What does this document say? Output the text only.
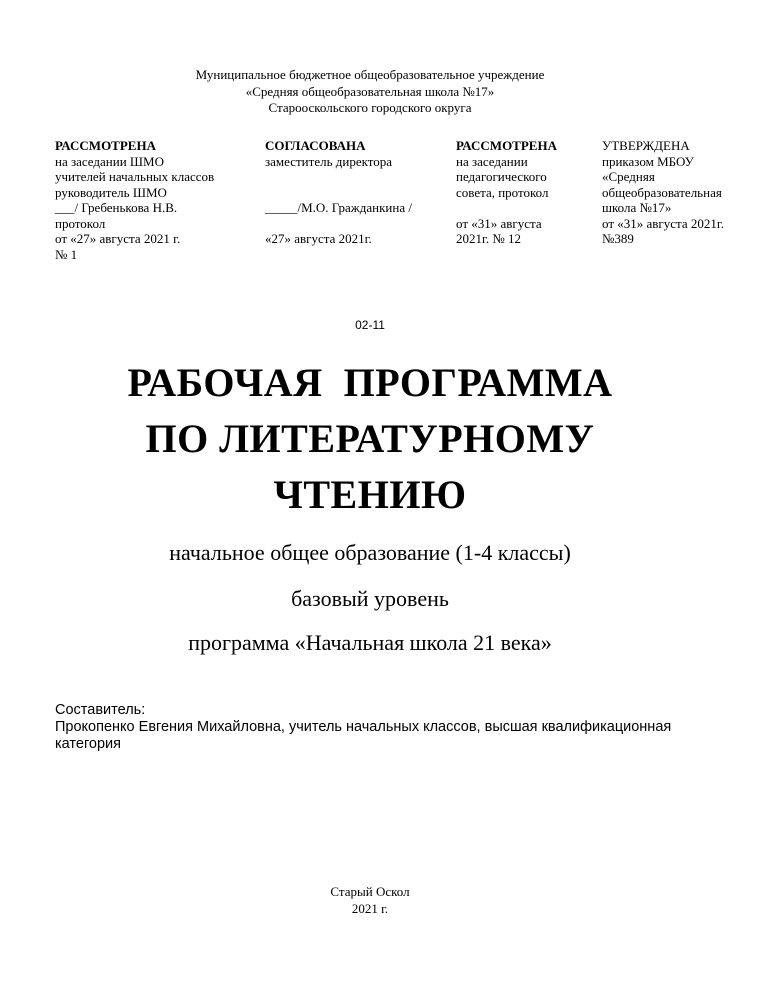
Муниципальное бюджетное общеобразовательное учреждение
«Средняя общеобразовательная школа №17»
Старооскольского городского округа

РАССМОТРЕНА

на заседании ШМО

учителей начальных классов

руководитель ШМО

___/ Гребенькова Н.В.

протокол

от «27» августа 2021 г.

№ 1

СОГЛАСОВАНА

заместитель директора

_____/М.О. Гражданкина /

«27» августа 2021г.

РАССМОТРЕНА

на заседании

педагогического

совета, протокол

от «31» августа

2021г. № 12

УТВЕРЖДЕНА

приказом МБОУ

«Средняя

общеобразовательная

школа №17»

от «31» августа 2021г.

№389

02-11
РАБОЧАЯ  ПРОГРАММА
ПО ЛИТЕРАТУРНОМУ
ЧТЕНИЮ
начальное общее образование (1-4 классы)
базовый уровень
программа «Начальная школа 21 века»

Составитель:

Прокопенко Евгения Михайловна, учитель начальных классов, высшая квалификационная категория

Старый Оскол
2021 г.
